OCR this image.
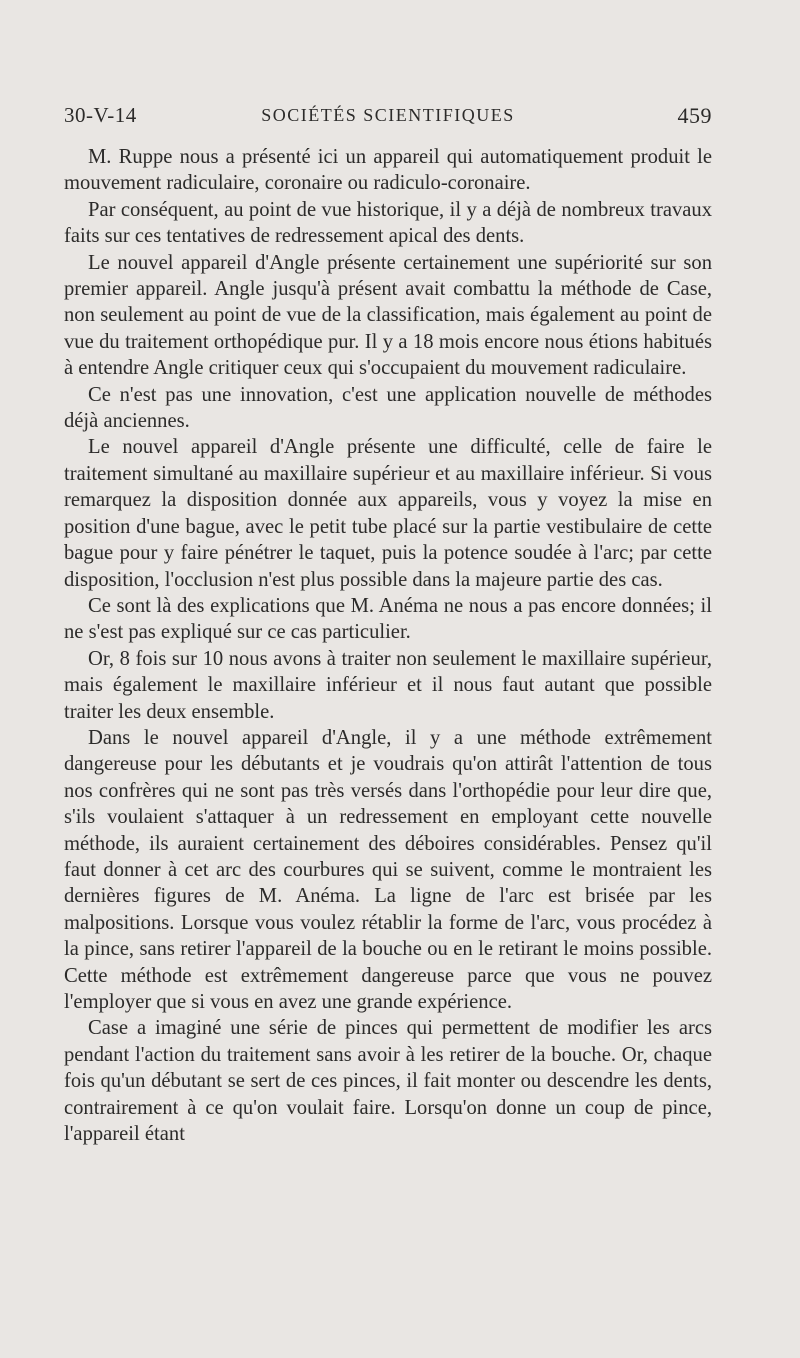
30-V-14	SOCIÉTÉS SCIENTIFIQUES	459

M. Ruppe nous a présenté ici un appareil qui automatiquement produit le mouvement radiculaire, coronaire ou radiculo-coronaire.

Par conséquent, au point de vue historique, il y a déjà de nombreux travaux faits sur ces tentatives de redressement apical des dents.

Le nouvel appareil d'Angle présente certainement une supériorité sur son premier appareil. Angle jusqu'à présent avait combattu la méthode de Case, non seulement au point de vue de la classification, mais également au point de vue du traitement orthopédique pur. Il y a 18 mois encore nous étions habitués à entendre Angle critiquer ceux qui s'occupaient du mouvement radiculaire.

Ce n'est pas une innovation, c'est une application nouvelle de méthodes déjà anciennes.

Le nouvel appareil d'Angle présente une difficulté, celle de faire le traitement simultané au maxillaire supérieur et au maxillaire inférieur. Si vous remarquez la disposition donnée aux appareils, vous y voyez la mise en position d'une bague, avec le petit tube placé sur la partie vestibulaire de cette bague pour y faire pénétrer le taquet, puis la potence soudée à l'arc; par cette disposition, l'occlusion n'est plus possible dans la majeure partie des cas.

Ce sont là des explications que M. Anéma ne nous a pas encore données; il ne s'est pas expliqué sur ce cas particulier.

Or, 8 fois sur 10 nous avons à traiter non seulement le maxillaire supérieur, mais également le maxillaire inférieur et il nous faut autant que possible traiter les deux ensemble.

Dans le nouvel appareil d'Angle, il y a une méthode extrêmement dangereuse pour les débutants et je voudrais qu'on attirât l'attention de tous nos confrères qui ne sont pas très versés dans l'orthopédie pour leur dire que, s'ils voulaient s'attaquer à un redressement en employant cette nouvelle méthode, ils auraient certainement des déboires considérables. Pensez qu'il faut donner à cet arc des courbures qui se suivent, comme le montraient les dernières figures de M. Anéma. La ligne de l'arc est brisée par les malpositions. Lorsque vous voulez rétablir la forme de l'arc, vous procédez à la pince, sans retirer l'appareil de la bouche ou en le retirant le moins possible. Cette méthode est extrêmement dangereuse parce que vous ne pouvez l'employer que si vous en avez une grande expérience.

Case a imaginé une série de pinces qui permettent de modifier les arcs pendant l'action du traitement sans avoir à les retirer de la bouche. Or, chaque fois qu'un débutant se sert de ces pinces, il fait monter ou descendre les dents, contrairement à ce qu'on voulait faire. Lorsqu'on donne un coup de pince, l'appareil étant
